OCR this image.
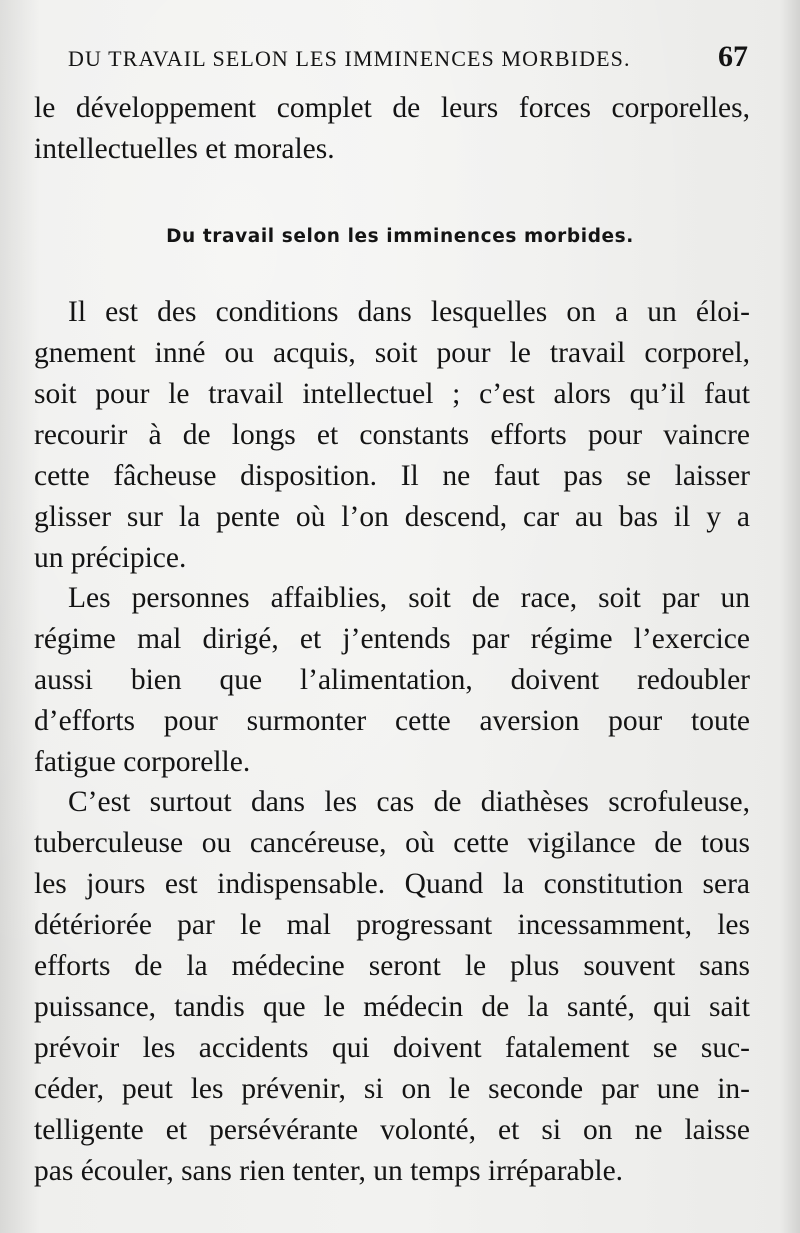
DU TRAVAIL SELON LES IMMINENCES MORBIDES.	67
le développement complet de leurs forces corporelles,
intellectuelles et morales.
Du travail selon les imminences morbides.
Il est des conditions dans lesquelles on a un éloi-
gnement inné ou acquis, soit pour le travail corporel,
soit pour le travail intellectuel ; c’est alors qu’il faut
recourir à de longs et constants efforts pour vaincre
cette fâcheuse disposition. Il ne faut pas se laisser
glisser sur la pente où l’on descend, car au bas il y a
un précipice.
Les personnes affaiblies, soit de race, soit par un
régime mal dirigé, et j’entends par régime l’exercice
aussi bien que l’alimentation, doivent redoubler
d’efforts pour surmonter cette aversion pour toute
fatigue corporelle.
C’est surtout dans les cas de diathèses scrofuleuse,
tuberculeuse ou cancéreuse, où cette vigilance de tous
les jours est indispensable. Quand la constitution sera
détériorée par le mal progressant incessamment, les
efforts de la médecine seront le plus souvent sans
puissance, tandis que le médecin de la santé, qui sait
prévoir les accidents qui doivent fatalement se suc-
céder, peut les prévenir, si on le seconde par une in-
telligente et persévérante volonté, et si on ne laisse
pas écouler, sans rien tenter, un temps irréparable.
